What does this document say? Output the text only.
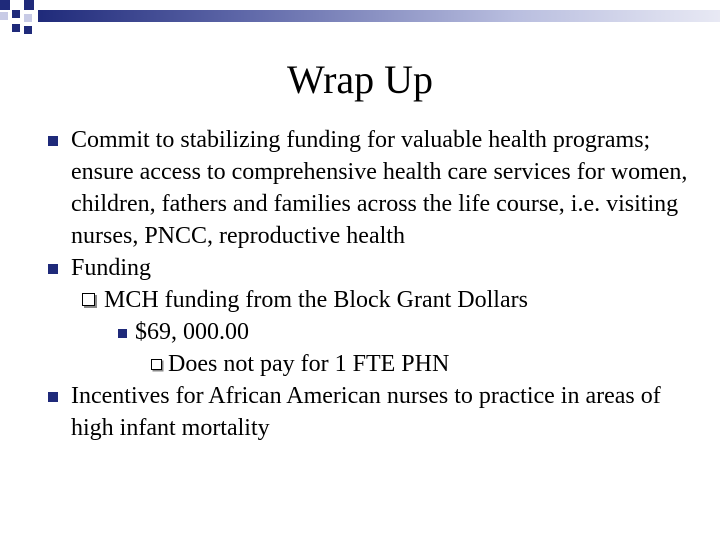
Wrap Up
Commit to stabilizing funding for valuable health programs; ensure access to comprehensive health care services for women, children, fathers and families across the life course, i.e. visiting nurses, PNCC, reproductive health
Funding
MCH funding from the Block Grant Dollars
$69, 000.00
Does not pay for 1 FTE PHN
Incentives for African American nurses to practice in areas of high infant mortality
